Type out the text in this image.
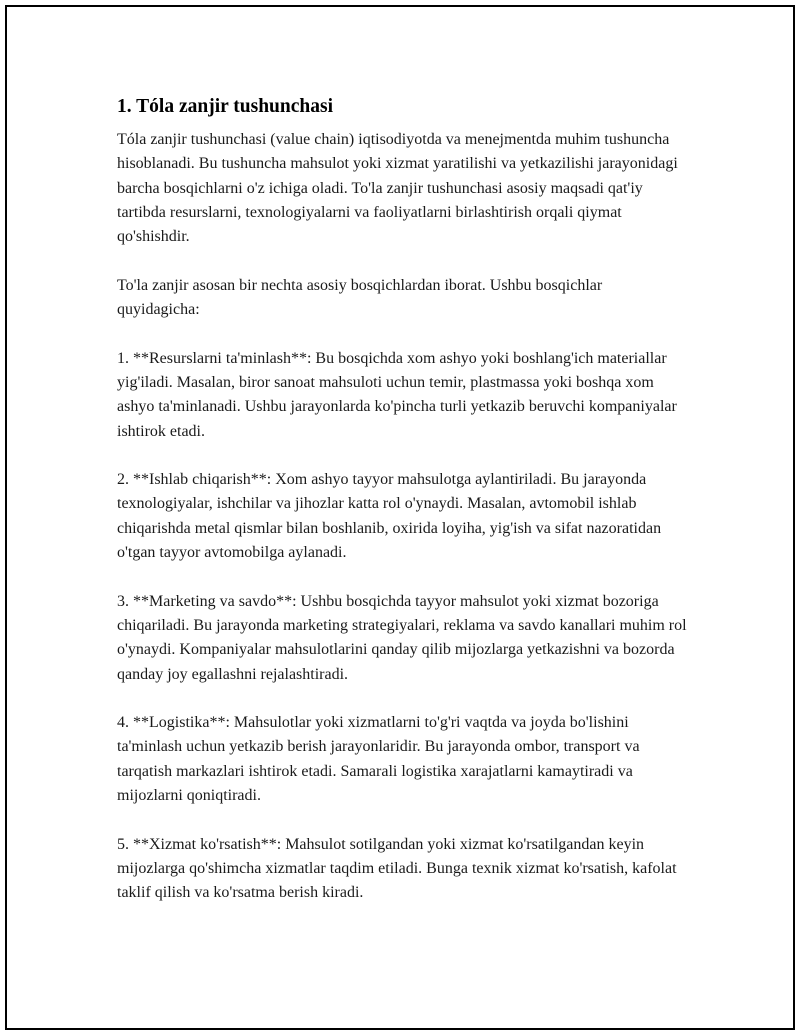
1. Tóla zanjir tushunchasi

Tóla zanjir tushunchasi (value chain) iqtisodiyotda va menejmentda muhim tushuncha hisoblanadi. Bu tushuncha mahsulot yoki xizmat yaratilishi va yetkazilishi jarayonidagi barcha bosqichlarni o'z ichiga oladi. To'la zanjir tushunchasi asosiy maqsadi qat'iy tartibda resurslarni, texnologiyalarni va faoliyatlarni birlashtirish orqali qiymat qo'shishdir.

To'la zanjir asosan bir nechta asosiy bosqichlardan iborat. Ushbu bosqichlar quyidagicha:

1. **Resurslarni ta'minlash**: Bu bosqichda xom ashyo yoki boshlang'ich materiallar yig'iladi. Masalan, biror sanoat mahsuloti uchun temir, plastmassa yoki boshqa xom ashyo ta'minlanadi. Ushbu jarayonlarda ko'pincha turli yetkazib beruvchi kompaniyalar ishtirok etadi.

2. **Ishlab chiqarish**: Xom ashyo tayyor mahsulotga aylantiriladi. Bu jarayonda texnologiyalar, ishchilar va jihozlar katta rol o'ynaydi. Masalan, avtomobil ishlab chiqarishda metal qismlar bilan boshlanib, oxirida loyiha, yig'ish va sifat nazoratidan o'tgan tayyor avtomobilga aylanadi.

3. **Marketing va savdo**: Ushbu bosqichda tayyor mahsulot yoki xizmat bozoriga chiqariladi. Bu jarayonda marketing strategiyalari, reklama va savdo kanallari muhim rol o'ynaydi. Kompaniyalar mahsulotlarini qanday qilib mijozlarga yetkazishni va bozorda qanday joy egallashni rejalashtiradi.

4. **Logistika**: Mahsulotlar yoki xizmatlarni to'g'ri vaqtda va joyda bo'lishini ta'minlash uchun yetkazib berish jarayonlaridir. Bu jarayonda ombor, transport va tarqatish markazlari ishtirok etadi. Samarali logistika xarajatlarni kamaytiradi va mijozlarni qoniqtiradi.

5. **Xizmat ko'rsatish**: Mahsulot sotilgandan yoki xizmat ko'rsatilgandan keyin mijozlarga qo'shimcha xizmatlar taqdim etiladi. Bunga texnik xizmat ko'rsatish, kafolat taklif qilish va ko'rsatma berish kiradi.
